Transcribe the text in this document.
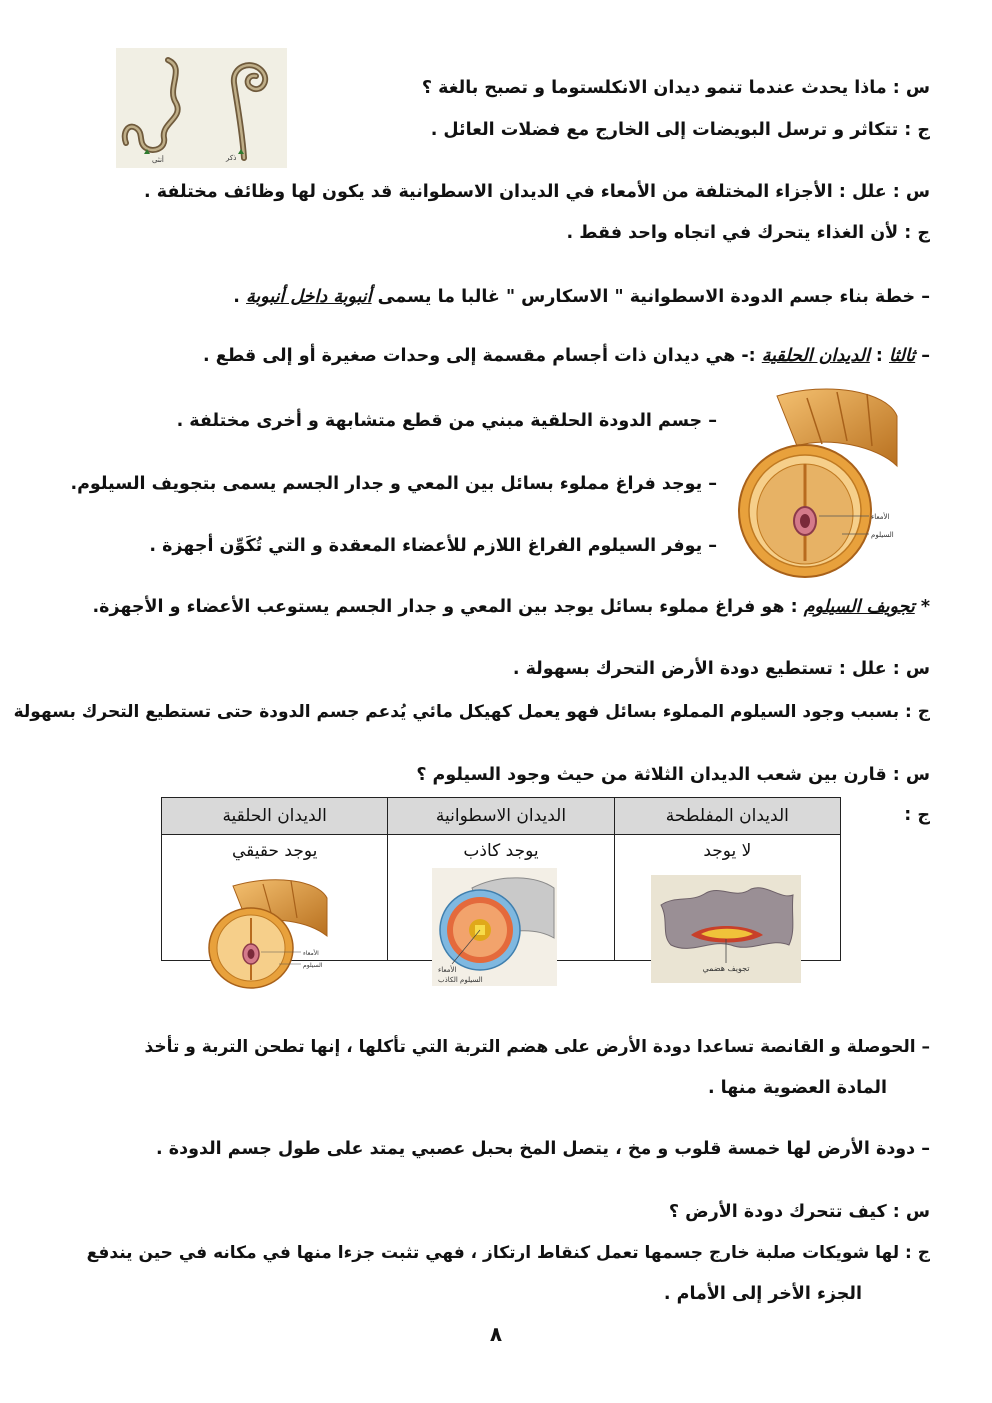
س : ماذا يحدث عندما تنمو ديدان الانكلستوما و تصبح بالغة ؟
ج : تتكاثر و ترسل البويضات إلى الخارج مع فضلات العائل .
أنثى	ذكر
س : علل : الأجزاء المختلفة من الأمعاء في الديدان الاسطوانية قد يكون لها وظائف مختلفة .
ج : لأن الغذاء يتحرك في اتجاه واحد فقط .
– خطة بناء جسم الدودة الاسطوانية " الاسكارس " غالبا ما يسمى أنبوبة داخل أنبوبة .
– ثالثا : الديدان الحلقية :- هي ديدان ذات أجسام مقسمة إلى وحدات صغيرة أو إلى قطع .
– جسم الدودة الحلقية مبني من قطع متشابهة و أخرى مختلفة .
– يوجد فراغ مملوء بسائل بين المعي و جدار الجسم يسمى بتجويف السيلوم.
– يوفر السيلوم الفراغ اللازم للأعضاء المعقدة و التي تُكَوِّن أجهزة .
الأمعاء
السيلوم
* تجويف السيلوم : هو فراغ مملوء بسائل يوجد بين المعي و جدار الجسم يستوعب الأعضاء و الأجهزة.
س : علل : تستطيع دودة الأرض التحرك بسهولة .
ج : بسبب وجود السيلوم المملوء بسائل فهو يعمل كهيكل مائي يُدعم جسم الدودة حتى تستطيع التحرك بسهولة
س : قارن بين شعب الديدان الثلاثة من حيث وجود السيلوم ؟
ج :
الديدان المفلطحة	الديدان الاسطوانية	الديدان الحلقية
لا يوجد	يوجد كاذب	يوجد حقيقي
تجويف هضمي
الأمعاء
السيلوم الكاذب
الأمعاء
السيلوم
– الحوصلة و القانصة تساعدا دودة الأرض على هضم التربة التي تأكلها ، إنها تطحن التربة و تأخذ
المادة العضوية منها .
– دودة الأرض لها خمسة قلوب و مخ ، يتصل المخ بحبل عصبي يمتد على طول جسم الدودة .
س : كيف تتحرك دودة الأرض ؟
ج : لها شويكات صلبة خارج جسمها تعمل كنقاط ارتكاز ، فهي تثبت جزءا منها في مكانه في حين يندفع
الجزء الأخر إلى الأمام .
٨
